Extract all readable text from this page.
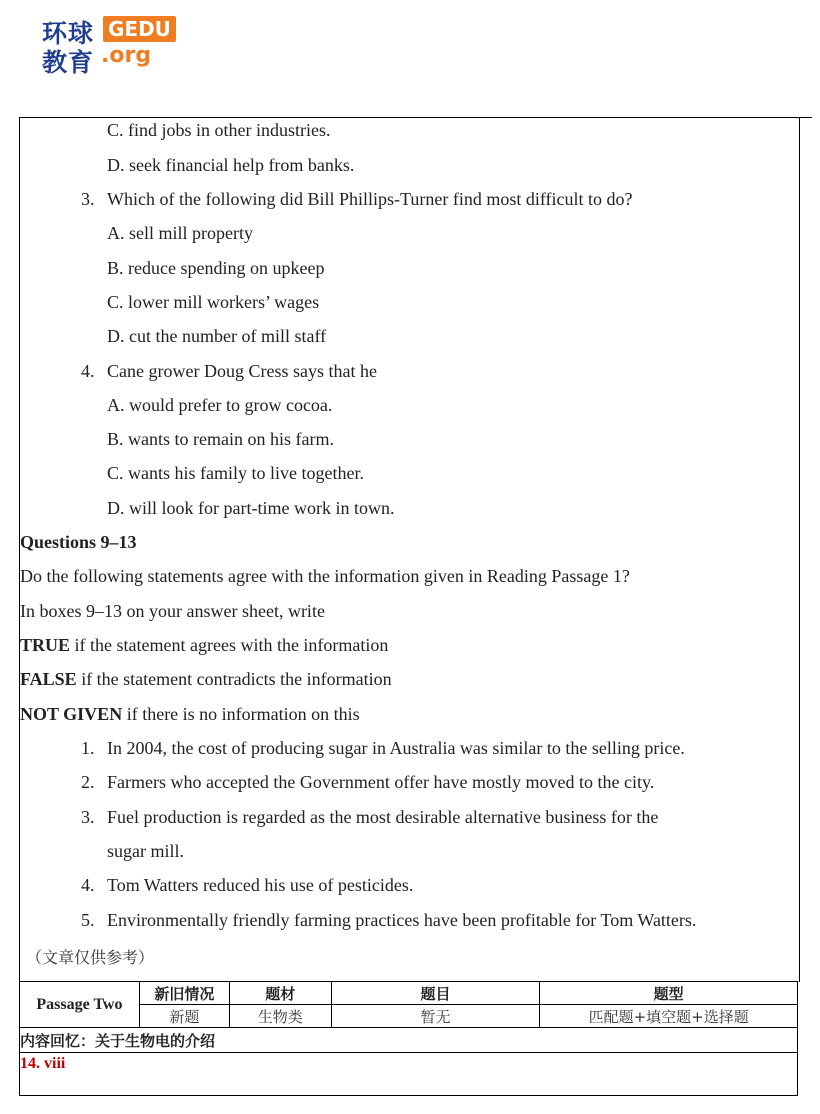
环球 GEDU
教育 .org
C. find jobs in other industries.
D. seek financial help from banks.
3. Which of the following did Bill Phillips-Turner find most difficult to do?
A. sell mill property
B. reduce spending on upkeep
C. lower mill workers’ wages
D. cut the number of mill staff
4. Cane grower Doug Cress says that he
A. would prefer to grow cocoa.
B. wants to remain on his farm.
C. wants his family to live together.
D. will look for part-time work in town.
Questions 9–13
Do the following statements agree with the information given in Reading Passage 1?
In boxes 9–13 on your answer sheet, write
TRUE if the statement agrees with the information
FALSE if the statement contradicts the information
NOT GIVEN if there is no information on this
1. In 2004, the cost of producing sugar in Australia was similar to the selling price.
2. Farmers who accepted the Government offer have mostly moved to the city.
3. Fuel production is regarded as the most desirable alternative business for the
sugar mill.
4. Tom Watters reduced his use of pesticides.
5. Environmentally friendly farming practices have been profitable for Tom Watters.
（文章仅供参考）
Passage Two	新旧情况	题材	题目	题型
	新题	生物类	暂无	匹配题+填空题+选择题
内容回忆：关于生物电的介绍				
14. viii				
